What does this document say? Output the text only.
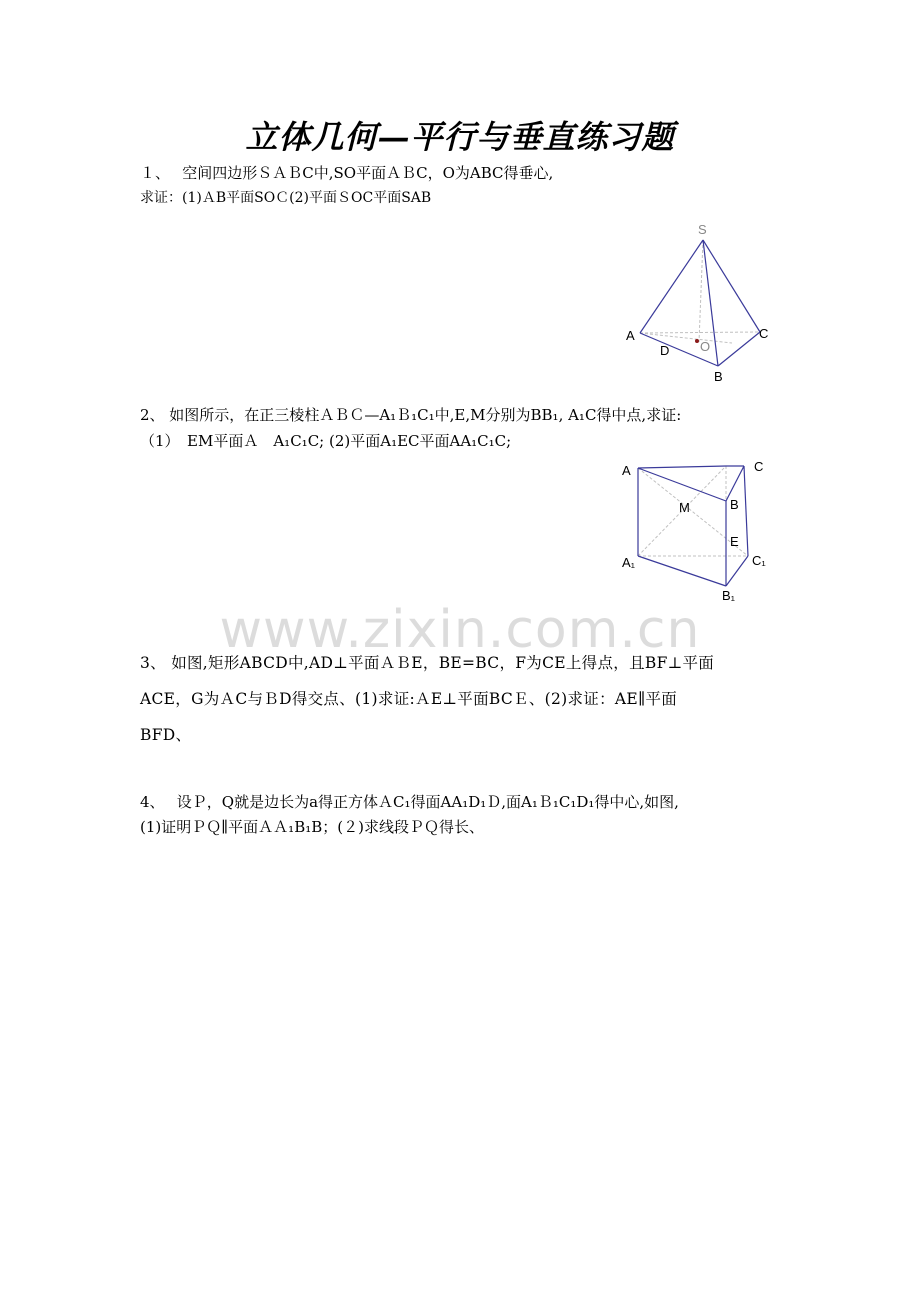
立体几何—平行与垂直练习题
１、　 空间四边形ＳＡＢC中,SO平面ＡＢC，O为ABC得垂心,
求证：(1)ＡB平面SOＣ(2)平面ＳOC平面SAB
S
A	C
D O
B
2、 如图所示，在正三棱柱ＡＢＣ—A₁Ｂ₁C₁中,E,M分别为BB₁, A₁C得中点,求证:
（1）　EM平面Ａ　A₁C₁C; (2)平面A₁EC平面AA₁C₁C;
A	C
B
M
E
A₁	C₁
B₁
www.zixin.com.cn
3、 如图,矩形ABCD中,AD⊥平面ＡＢE，BE=BC，F为CE上得点，且BF⊥平面
ACE，G为ＡC与ＢD得交点、(1)求证:ＡE⊥平面BCＥ、(2)求证：AE∥平面
BFD、
4、　 设Ｐ，Q就是边长为a得正方体ＡC₁得面AA₁D₁Ｄ,面A₁Ｂ₁C₁D₁得中心,如图,
(1)证明ＰＱ∥平面ＡＡ₁B₁B；(２)求线段ＰＱ得长、
